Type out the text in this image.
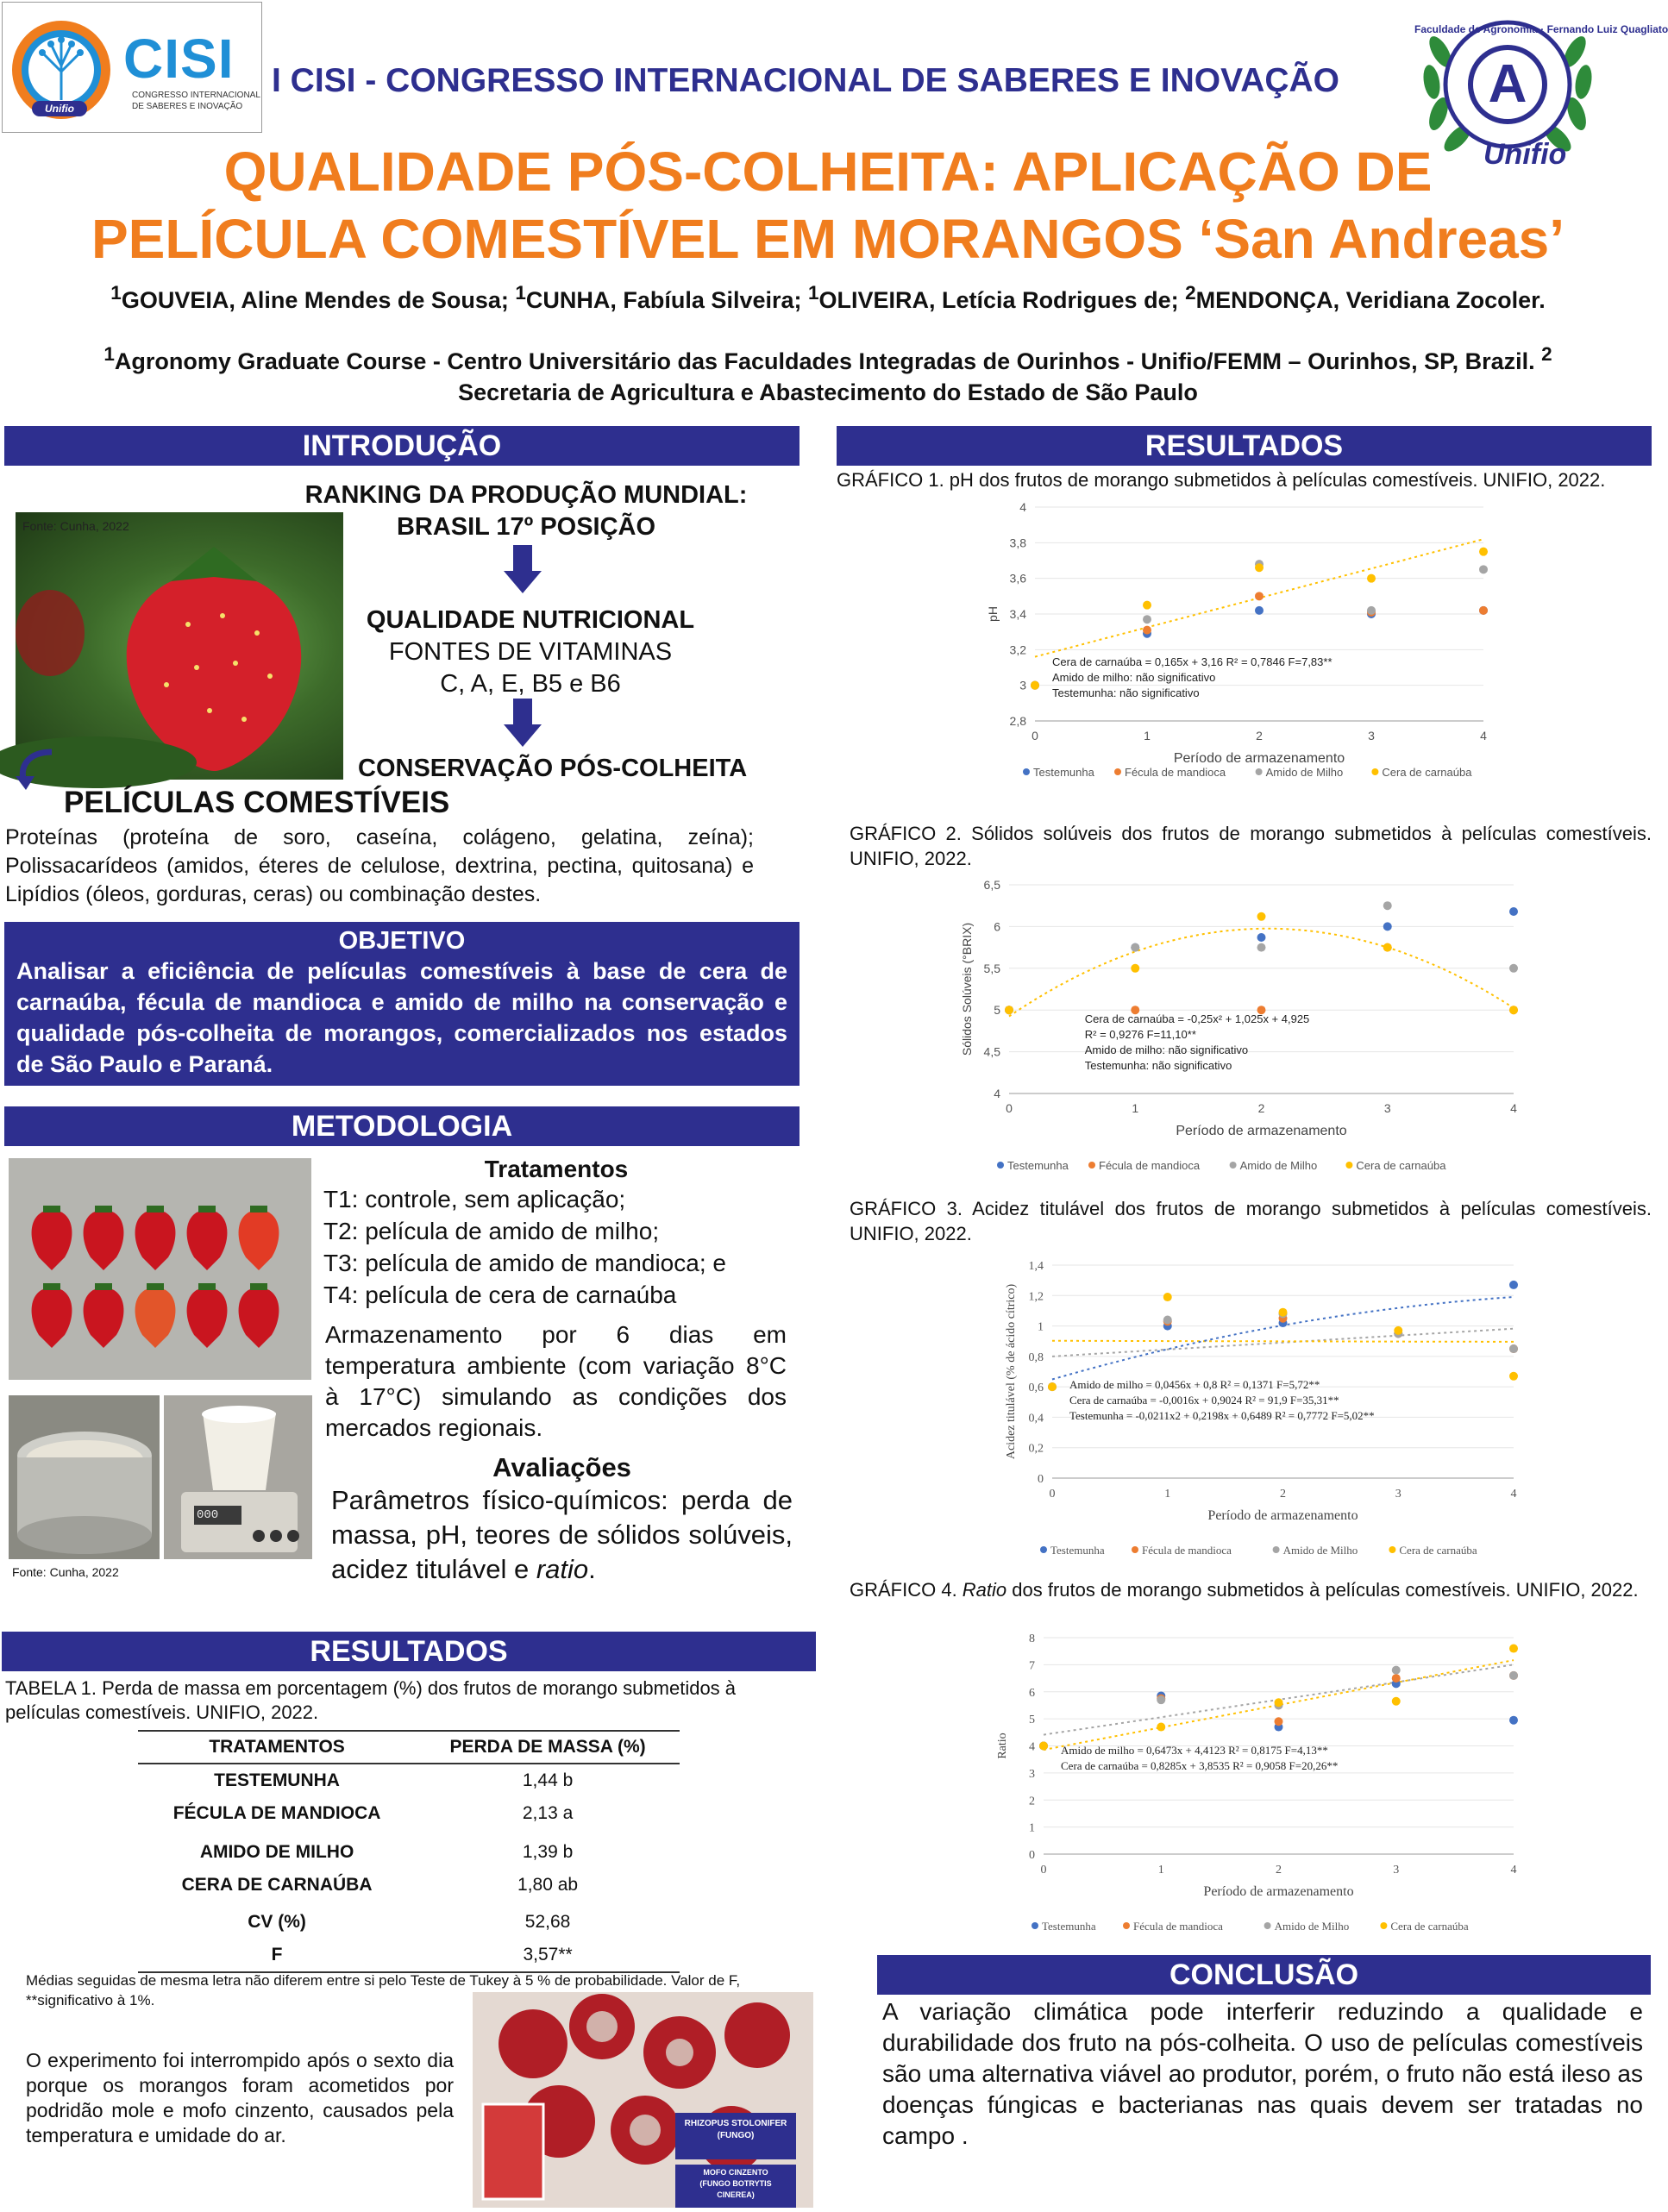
Unifio
CISI
CONGRESSO INTERNACIONAL
DE SABERES E INOVAÇÃO
I CISI - CONGRESSO INTERNACIONAL DE SABERES E INOVAÇÃO
Faculdade de Agronomia · Fernando Luiz Quagliato
A
Unifio
QUALIDADE PÓS-COLHEITA: APLICAÇÃO DE
PELÍCULA COMESTÍVEL EM MORANGOS ‘San Andreas’
$^1$GOUVEIA, Aline Mendes de Sousa; $^1$CUNHA, Fabíula Silveira; $^1$OLIVEIRA, Letícia Rodrigues de; $^2$MENDONÇA, Veridiana Zocoler.
$^1$Agronomy Graduate Course - Centro Universitário das Faculdades Integradas de Ourinhos - Unifio/FEMM – Ourinhos, SP, Brazil. $^2$ Secretaria de Agricultura e Abastecimento do Estado de São Paulo
INTRODUÇÃO
Fonte: Cunha, 2022
RANKING DA PRODUÇÃO MUNDIAL:
BRASIL 17º POSIÇÃO
QUALIDADE NUTRICIONAL
FONTES DE VITAMINAS
C, A, E, B5 e B6
CONSERVAÇÃO PÓS-COLHEITA
PELÍCULAS COMESTÍVEIS
Proteínas (proteína de soro, caseína, colágeno, gelatina, zeína); Polissacarídeos (amidos, éteres de celulose, dextrina, pectina, quitosana) e Lipídios (óleos, gorduras, ceras) ou combinação destes.
OBJETIVO
Analisar a eficiência de películas comestíveis à base de cera de carnaúba, fécula de mandioca e amido de milho na conservação e qualidade pós-colheita de morangos, comercializados nos estados de São Paulo e Paraná.
METODOLOGIA
Tratamentos
T1: controle, sem aplicação;
T2: película de amido de milho;
T3: película de amido de mandioca; e
T4: película de cera de carnaúba
Armazenamento por 6 dias em temperatura ambiente (com variação 8°C à 17°C) simulando as condições dos mercados regionais.
000
Fonte: Cunha, 2022
Avaliações
Parâmetros físico-químicos: perda de massa, pH, teores de sólidos solúveis, acidez titulável e ratio.
RESULTADOS
TABELA 1. Perda de massa em porcentagem (%) dos frutos de morango submetidos à películas comestíveis. UNIFIO, 2022.
TRATAMENTOS	PERDA DE MASSA (%)
TESTEMUNHA	1,44 b
FÉCULA DE MANDIOCA	2,13 a
AMIDO DE MILHO	1,39 b
CERA DE CARNAÚBA	1,80 ab
CV (%)	52,68
F	3,57**
Médias seguidas de mesma letra não diferem entre si pelo Teste de Tukey à 5 % de probabilidade. Valor de F, **significativo à 1%.
O experimento foi interrompido após o sexto dia porque os morangos foram acometidos por podridão mole e mofo cinzento, causados pela temperatura e umidade do ar.
RHIZOPUS STOLONIFER
(FUNGO)
MOFO CINZENTO
(FUNGO BOTRYTIS
CINEREA)
RESULTADOS
GRÁFICO 1. pH dos frutos de morango submetidos à películas comestíveis. UNIFIO, 2022.
2,8
3
3,2
3,4
3,6
3,8
4
0	1	2	3	4
Período de armazenamento
pH
Cera de carnaúba = 0,165x + 3,16 R² = 0,7846 F=7,83**
Amido de milho: não significativo
Testemunha: não significativo
Testemunha	Fécula de mandioca	Amido de Milho	Cera de carnaúba
GRÁFICO 2. Sólidos solúveis dos frutos de morango submetidos à películas comestíveis. UNIFIO, 2022.
4
4,5
5
5,5
6
6,5
0	1	2	3	4
Período de armazenamento
Sólidos Solúveis (°BRIX)	Cera de carnaúba = -0,25x² + 1,025x + 4,925
R² = 0,9276 F=11,10**
Amido de milho: não significativo
Testemunha: não significativo
Testemunha	Fécula de mandioca	Amido de Milho	Cera de carnaúba
GRÁFICO 3. Acidez titulável dos frutos de morango submetidos à películas comestíveis. UNIFIO, 2022.
0
0,2
0,4
0,6
0,8
1
1,2
1,4
0	1	2	3	4
Período de armazenamento
Acidez titulável (% de ácido cítrico)	Amido de milho = 0,0456x + 0,8 R² = 0,1371 F=5,72**
Cera de carnaúba = -0,0016x + 0,9024 R² = 91,9 F=35,31**
Testemunha = -0,0211x2 + 0,2198x + 0,6489 R² = 0,7772 F=5,02**
Testemunha	Fécula de mandioca	Amido de Milho	Cera de carnaúba
GRÁFICO 4. Ratio dos frutos de morango submetidos à películas comestíveis. UNIFIO, 2022.
0
1
2
3
4
5
6
7
8
0	1	2	3	4
Período de armazenamento
Ratio	Amido de milho = 0,6473x + 4,4123 R² = 0,8175 F=4,13**
Cera de carnaúba = 0,8285x + 3,8535 R² = 0,9058 F=20,26**
Testemunha	Fécula de mandioca	Amido de Milho	Cera de carnaúba
CONCLUSÃO
A variação climática pode interferir reduzindo a qualidade e durabilidade dos fruto na pós-colheita. O uso de películas comestíveis são uma alternativa viável ao produtor, porém, o fruto não está ileso as doenças fúngicas e bacterianas nas quais devem ser tratadas no campo .
